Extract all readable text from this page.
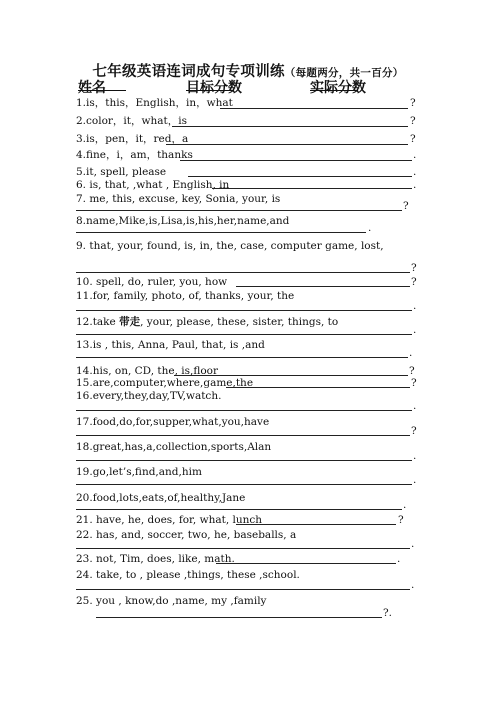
七年级英语连词成句专项训练（每题两分，共一百分）
姓名	目标分数	实际分数
1.is，this，English，in，what	?
2.color，it，what，is	?
3.is，pen，it，red，a	?
4.fine，i，am，thanks	.
5.it, spell, please	.
6. is, that, ,what , English, in	.
7. me, this, excuse, key, Sonia, your, is
?
8.name,Mike,is,Lisa,is,his,her,name,and
.
9. that, your, found, is, in, the, case, computer game, lost,
?
10. spell, do, ruler, you, how	?
11.for, family, photo, of, thanks, your, the
.
12.take 带走, your, please, these, sister, things, to
.
13.is , this, Anna, Paul, that, is ,and
.
14.his, on, CD, the, is,floor	?
15.are,computer,where,game,the	?
16.every,they,day,TV,watch.
.
17.food,do,for,supper,what,you,have
?
18.great,has,a,collection,sports,Alan
.
19.go,let’s,find,and,him
.
20.food,lots,eats,of,healthy,Jane
.
21. have, he, does, for, what, lunch	?
22. has, and, soccer, two, he, baseballs, a
.
23. not, Tim, does, like, math.	.
24. take, to , please ,things, these ,school.
.
25. you , know,do ,name, my ,family
?.
